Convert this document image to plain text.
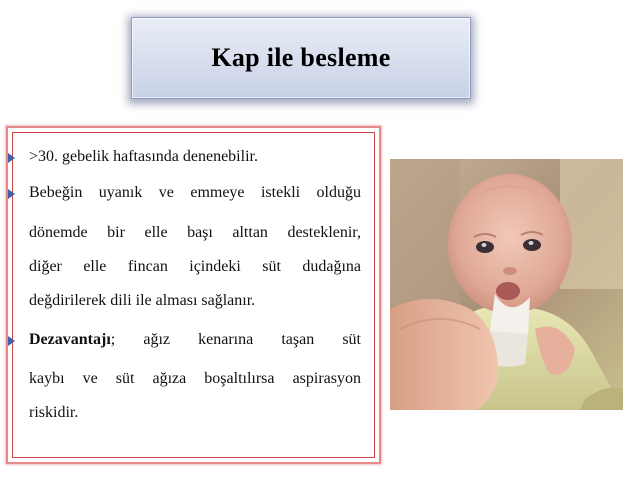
Kap ile besleme
>30. gebelik haftasında denenebilir.
Bebeğin uyanık ve emmeye istekli olduğu
dönemde bir elle başı alttan desteklenir,
diğer elle fincan içindeki süt dudağına
değdirilerek dili ile alması sağlanır.
Dezavantajı; ağız kenarına taşan süt
kaybı ve süt ağıza boşaltılırsa aspirasyon
riskidir.
